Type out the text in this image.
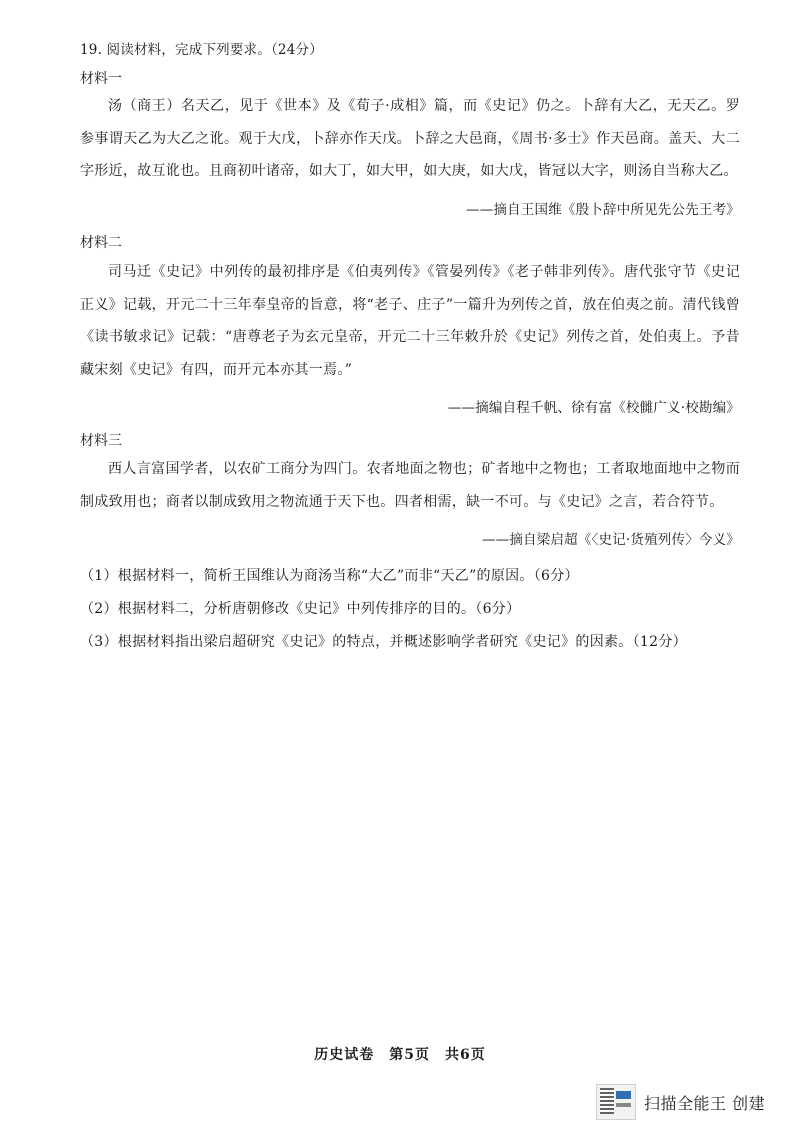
19. 阅读材料，完成下列要求。（24分）
材料一
汤（商王）名天乙，见于《世本》及《荀子·成相》篇，而《史记》仍之。卜辞有大乙，无天乙。罗参事谓天乙为大乙之讹。观于大戊，卜辞亦作天戊。卜辞之大邑商，《周书·多士》作天邑商。盖天、大二字形近，故互讹也。且商初叶诸帝，如大丁，如大甲，如大庚，如大戊，皆冠以大字，则汤自当称大乙。
——摘自王国维《殷卜辞中所见先公先王考》
材料二
司马迁《史记》中列传的最初排序是《伯夷列传》《管晏列传》《老子韩非列传》。唐代张守节《史记正义》记载，开元二十三年奉皇帝的旨意，将“老子、庄子”一篇升为列传之首，放在伯夷之前。清代钱曾《读书敏求记》记载：“唐尊老子为玄元皇帝，开元二十三年敕升於《史记》列传之首，处伯夷上。予昔藏宋刻《史记》有四，而开元本亦其一焉。”
——摘编自程千帆、徐有富《校雠广义·校勘编》
材料三
西人言富国学者，以农矿工商分为四门。农者地面之物也；矿者地中之物也；工者取地面地中之物而制成致用也；商者以制成致用之物流通于天下也。四者相需，缺一不可。与《史记》之言，若合符节。
——摘自梁启超《〈史记·货殖列传〉今义》
（1）根据材料一，简析王国维认为商汤当称“大乙”而非“天乙”的原因。（6分）
（2）根据材料二，分析唐朝修改《史记》中列传排序的目的。（6分）
（3）根据材料指出梁启超研究《史记》的特点，并概述影响学者研究《史记》的因素。（12分）
历史试卷　第5页　共6页
扫描全能王 创建
